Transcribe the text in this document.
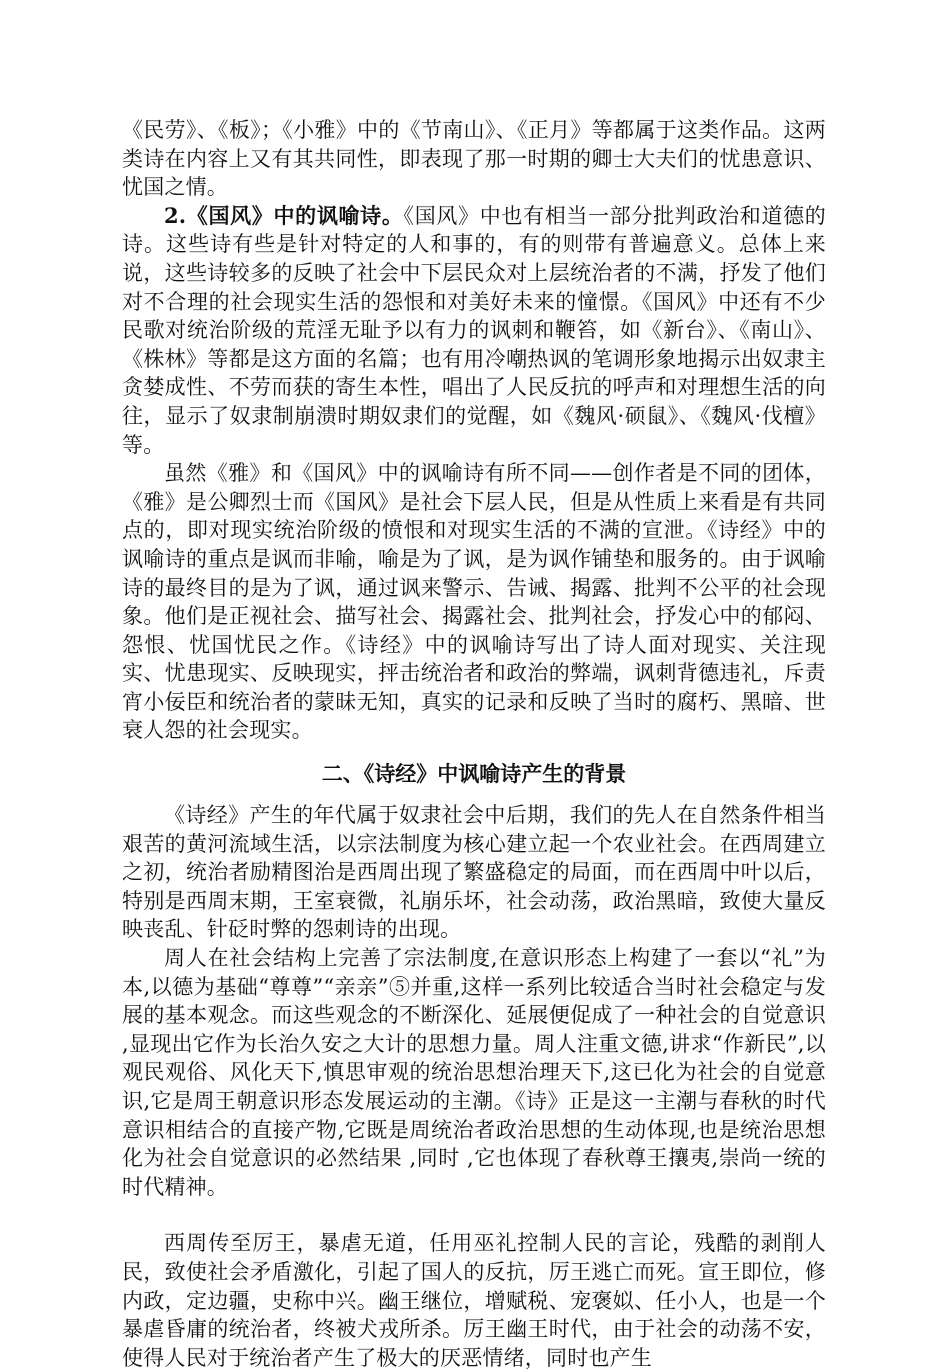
《民劳》、《板》；《小雅》中的《节南山》、《正月》等都属于这类作品。这两类诗在内容上又有其共同性，即表现了那一时期的卿士大夫们的忧患意识、忧国之情。

2.《国风》中的讽喻诗。《国风》中也有相当一部分批判政治和道德的诗。这些诗有些是针对特定的人和事的，有的则带有普遍意义。总体上来说，这些诗较多的反映了社会中下层民众对上层统治者的不满，抒发了他们对不合理的社会现实生活的怨恨和对美好未来的憧憬。《国风》中还有不少民歌对统治阶级的荒淫无耻予以有力的讽刺和鞭笞，如《新台》、《南山》、《株林》等都是这方面的名篇；也有用冷嘲热讽的笔调形象地揭示出奴隶主贪婪成性、不劳而获的寄生本性，唱出了人民反抗的呼声和对理想生活的向往，显示了奴隶制崩溃时期奴隶们的觉醒，如《魏风·硕鼠》、《魏风·伐檀》等。

虽然《雅》和《国风》中的讽喻诗有所不同——创作者是不同的团体，《雅》是公卿烈士而《国风》是社会下层人民，但是从性质上来看是有共同点的，即对现实统治阶级的愤恨和对现实生活的不满的宣泄。《诗经》中的讽喻诗的重点是讽而非喻，喻是为了讽，是为讽作铺垫和服务的。由于讽喻诗的最终目的是为了讽，通过讽来警示、告诫、揭露、批判不公平的社会现象。他们是正视社会、描写社会、揭露社会、批判社会，抒发心中的郁闷、怨恨、忧国忧民之作。《诗经》中的讽喻诗写出了诗人面对现实、关注现实、忧患现实、反映现实，抨击统治者和政治的弊端，讽刺背德违礼，斥责宵小佞臣和统治者的蒙昧无知，真实的记录和反映了当时的腐朽、黑暗、世衰人怨的社会现实。

二、《诗经》中讽喻诗产生的背景

《诗经》产生的年代属于奴隶社会中后期，我们的先人在自然条件相当艰苦的黄河流域生活，以宗法制度为核心建立起一个农业社会。在西周建立之初，统治者励精图治是西周出现了繁盛稳定的局面，而在西周中叶以后，特别是西周末期，王室衰微，礼崩乐坏，社会动荡，政治黑暗，致使大量反映丧乱、针砭时弊的怨刺诗的出现。

周人在社会结构上完善了宗法制度,在意识形态上构建了一套以“礼”为本,以德为基础“尊尊”“亲亲”⑤并重,这样一系列比较适合当时社会稳定与发展的基本观念。而这些观念的不断深化、延展便促成了一种社会的自觉意识 ,显现出它作为长治久安之大计的思想力量。周人注重文德,讲求“作新民”,以观民观俗、风化天下,慎思审观的统治思想治理天下,这已化为社会的自觉意识,它是周王朝意识形态发展运动的主潮。《诗》正是这一主潮与春秋的时代意识相结合的直接产物,它既是周统治者政治思想的生动体现,也是统治思想化为社会自觉意识的必然结果 ,同时 ,它也体现了春秋尊王攘夷,崇尚一统的时代精神。

西周传至厉王，暴虐无道，任用巫礼控制人民的言论，残酷的剥削人民，致使社会矛盾激化，引起了国人的反抗，厉王逃亡而死。宣王即位，修内政，定边疆，史称中兴。幽王继位，增赋税、宠褒姒、任小人，也是一个暴虐昏庸的统治者，终被犬戎所杀。厉王幽王时代，由于社会的动荡不安，使得人民对于统治者产生了极大的厌恶情绪，同时也产生
